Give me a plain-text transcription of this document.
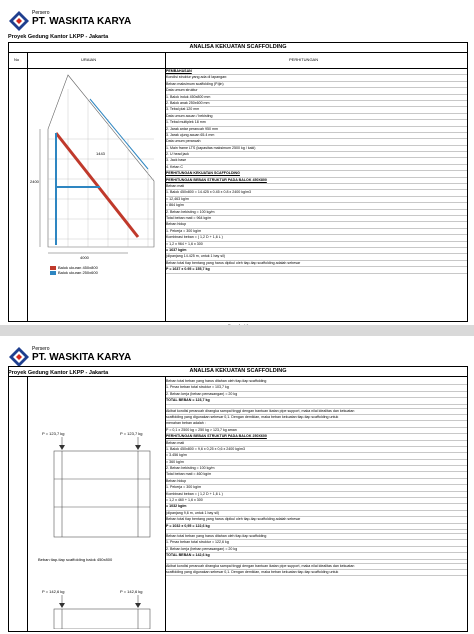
Persero
PT. WASKITA KARYA
Proyek Gedung Kantor LKPP - Jakarta
ANALISA KEKUATAN SCAFFOLDING
No	URAIAN	PERHITUNGAN
1443
2400
4000
Balok ukuran 450x800
Balok ukuran 250x600
PEMBAHASAN
Kondisi struktur yang ada di lapangan:
Beban maksimum scaffolding (P.ijin)
Data umum struktur
1. Balok induk 450x800 mm
2. Balok anak 250x600 mm
3. Tebal plat 120 mm
Data umum acuan / bekisting
1. Tebal multiplek 18 mm
2. Jarak antar perancah 950 mm
3. Jarak ujung acuan 65.4 mm
Data umum perancah
1. Main frame LTS (kapasitas maksimum 2500 kg / kaki)
2. U head jack
3. Jack base
4. Ketan C
PERHITUNGAN KEKUATAN SCAFFOLDING
PERHITUNGAN BEBAN STRUKTUR PADA BALOK 450X800
Beban mati
1. Balok 450x800 = 14.425 x 0.45 x 0.8 x 2400 kg/m3
= 12,463 kg/m
= 864 kg/m
2. Beban bekisting = 100 kg/m
Total beban mati = 964 kg/m
Beban hidup
1. Pekerja = 300 kg/m
Kombinasi beban = ( 1,2 D + 1,6 L )
= 1,2 x 964 + 1,6 x 300
= 1637 kg/m
(dipanjang 14.425 m, untuk 1 bay sil)
Beban total tiap bentang yang harus dipikul oleh tiap-tiap scaffolding adalah sebesar
P = 1637 x 0.95 = 155,7 kg
Persero
PT. WASKITA KARYA
Proyek Gedung Kantor LKPP - Jakarta	ANALISA KEKUATAN SCAFFOLDING
P = 123,7 kg	P = 123,7 kg
Beban tiap-tiap scaffolding balok 450x800
P = 142,6 kg	P = 142,6 kg
Beban total beban yang harus ditahan oleh tiap-tiap scaffolding
1. Pmax beban total struktur = 103,7 kg
2. Beban kerja (beban pemasangan) = 20 kg
TOTAL BEBAN = 123,7 kg
Akibat kondisi perancah dirangka sampai tinggi dengan bantuan ikatan pipe support, maka nilai idealitas dan kekuatan
scaffolding yang digunakan sebesar 0,1. Dengan demikian, maka beban kekuatan tiap-tiap scaffolding untuk
menahan beban adalah :
P = 0,1 x 2500 kg = 250 kg > 123,7 kg aman
PERHITUNGAN BEBAN STRUKTUR PADA BALOK 250X600
Beban mati
1. Balok 450x800 = 9,6 x 0,25 x 0,6 x 2400 kg/m3
= 3.456 kg/m
= 360 kg/m
2. Beban bekisting = 100 kg/m
Total beban mati = 460 kg/m
Beban hidup
1. Pekerja = 300 kg/m
Kombinasi beban = ( 1,2 D + 1,6 L )
= 1,2 x 460 + 1,6 x 300
= 1032 kg/m
(dipanjang 9,6 m, untuk 1 bay sil)
Beban total tiap bentang yang harus dipikul oleh tiap-tiap scaffolding adalah sebesar
P = 1032 x 0,95 = 122,6 kg
Beban total beban yang harus ditahan oleh tiap-tiap scaffolding
1. Pmax beban total struktur = 122,6 kg
2. Beban kerja (beban pemasangan) = 20 kg
TOTAL BEBAN = 142,6 kg
Akibat kondisi perancah dirangka sampai tinggi dengan bantuan ikatan pipe support, maka nilai idealitas dan kekuatan
scaffolding yang digunakan sebesar 0,1. Dengan demikian, maka beban kekuatan tiap-tiap scaffolding untuk
